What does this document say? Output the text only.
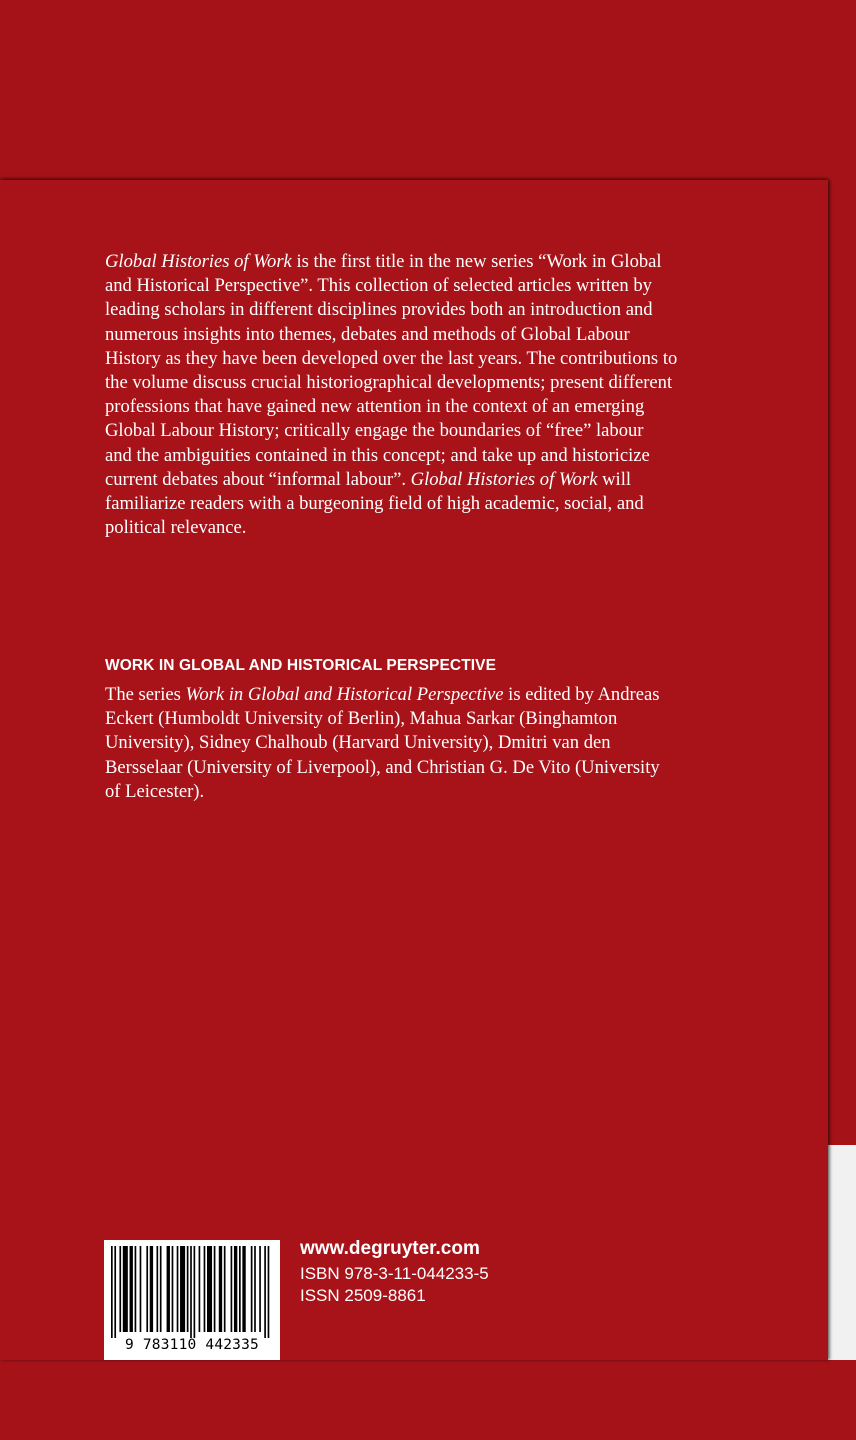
Global Histories of Work is the first title in the new series “Work in Global
and Historical Perspective”. This collection of selected articles written by
leading scholars in different disciplines provides both an introduction and
numerous insights into themes, debates and methods of Global Labour
History as they have been developed over the last years. The contributions to
the volume discuss crucial historiographical developments; present different
professions that have gained new attention in the context of an emerging
Global Labour History; critically engage the boundaries of “free” labour
and the ambiguities contained in this concept; and take up and historicize
current debates about “informal labour”. Global Histories of Work will
familiarize readers with a burgeoning field of high academic, social, and
political relevance.

WORK IN GLOBAL AND HISTORICAL PERSPECTIVE

The series Work in Global and Historical Perspective is edited by Andreas
Eckert (Humboldt University of Berlin), Mahua Sarkar (Binghamton
University), Sidney Chalhoub (Harvard University), Dmitri van den
Bersselaar (University of Liverpool), and Christian G. De Vito (University
of Leicester).

9 783110 442335
www.degruyter.com
ISBN 978-3-11-044233-5
ISSN 2509-8861
